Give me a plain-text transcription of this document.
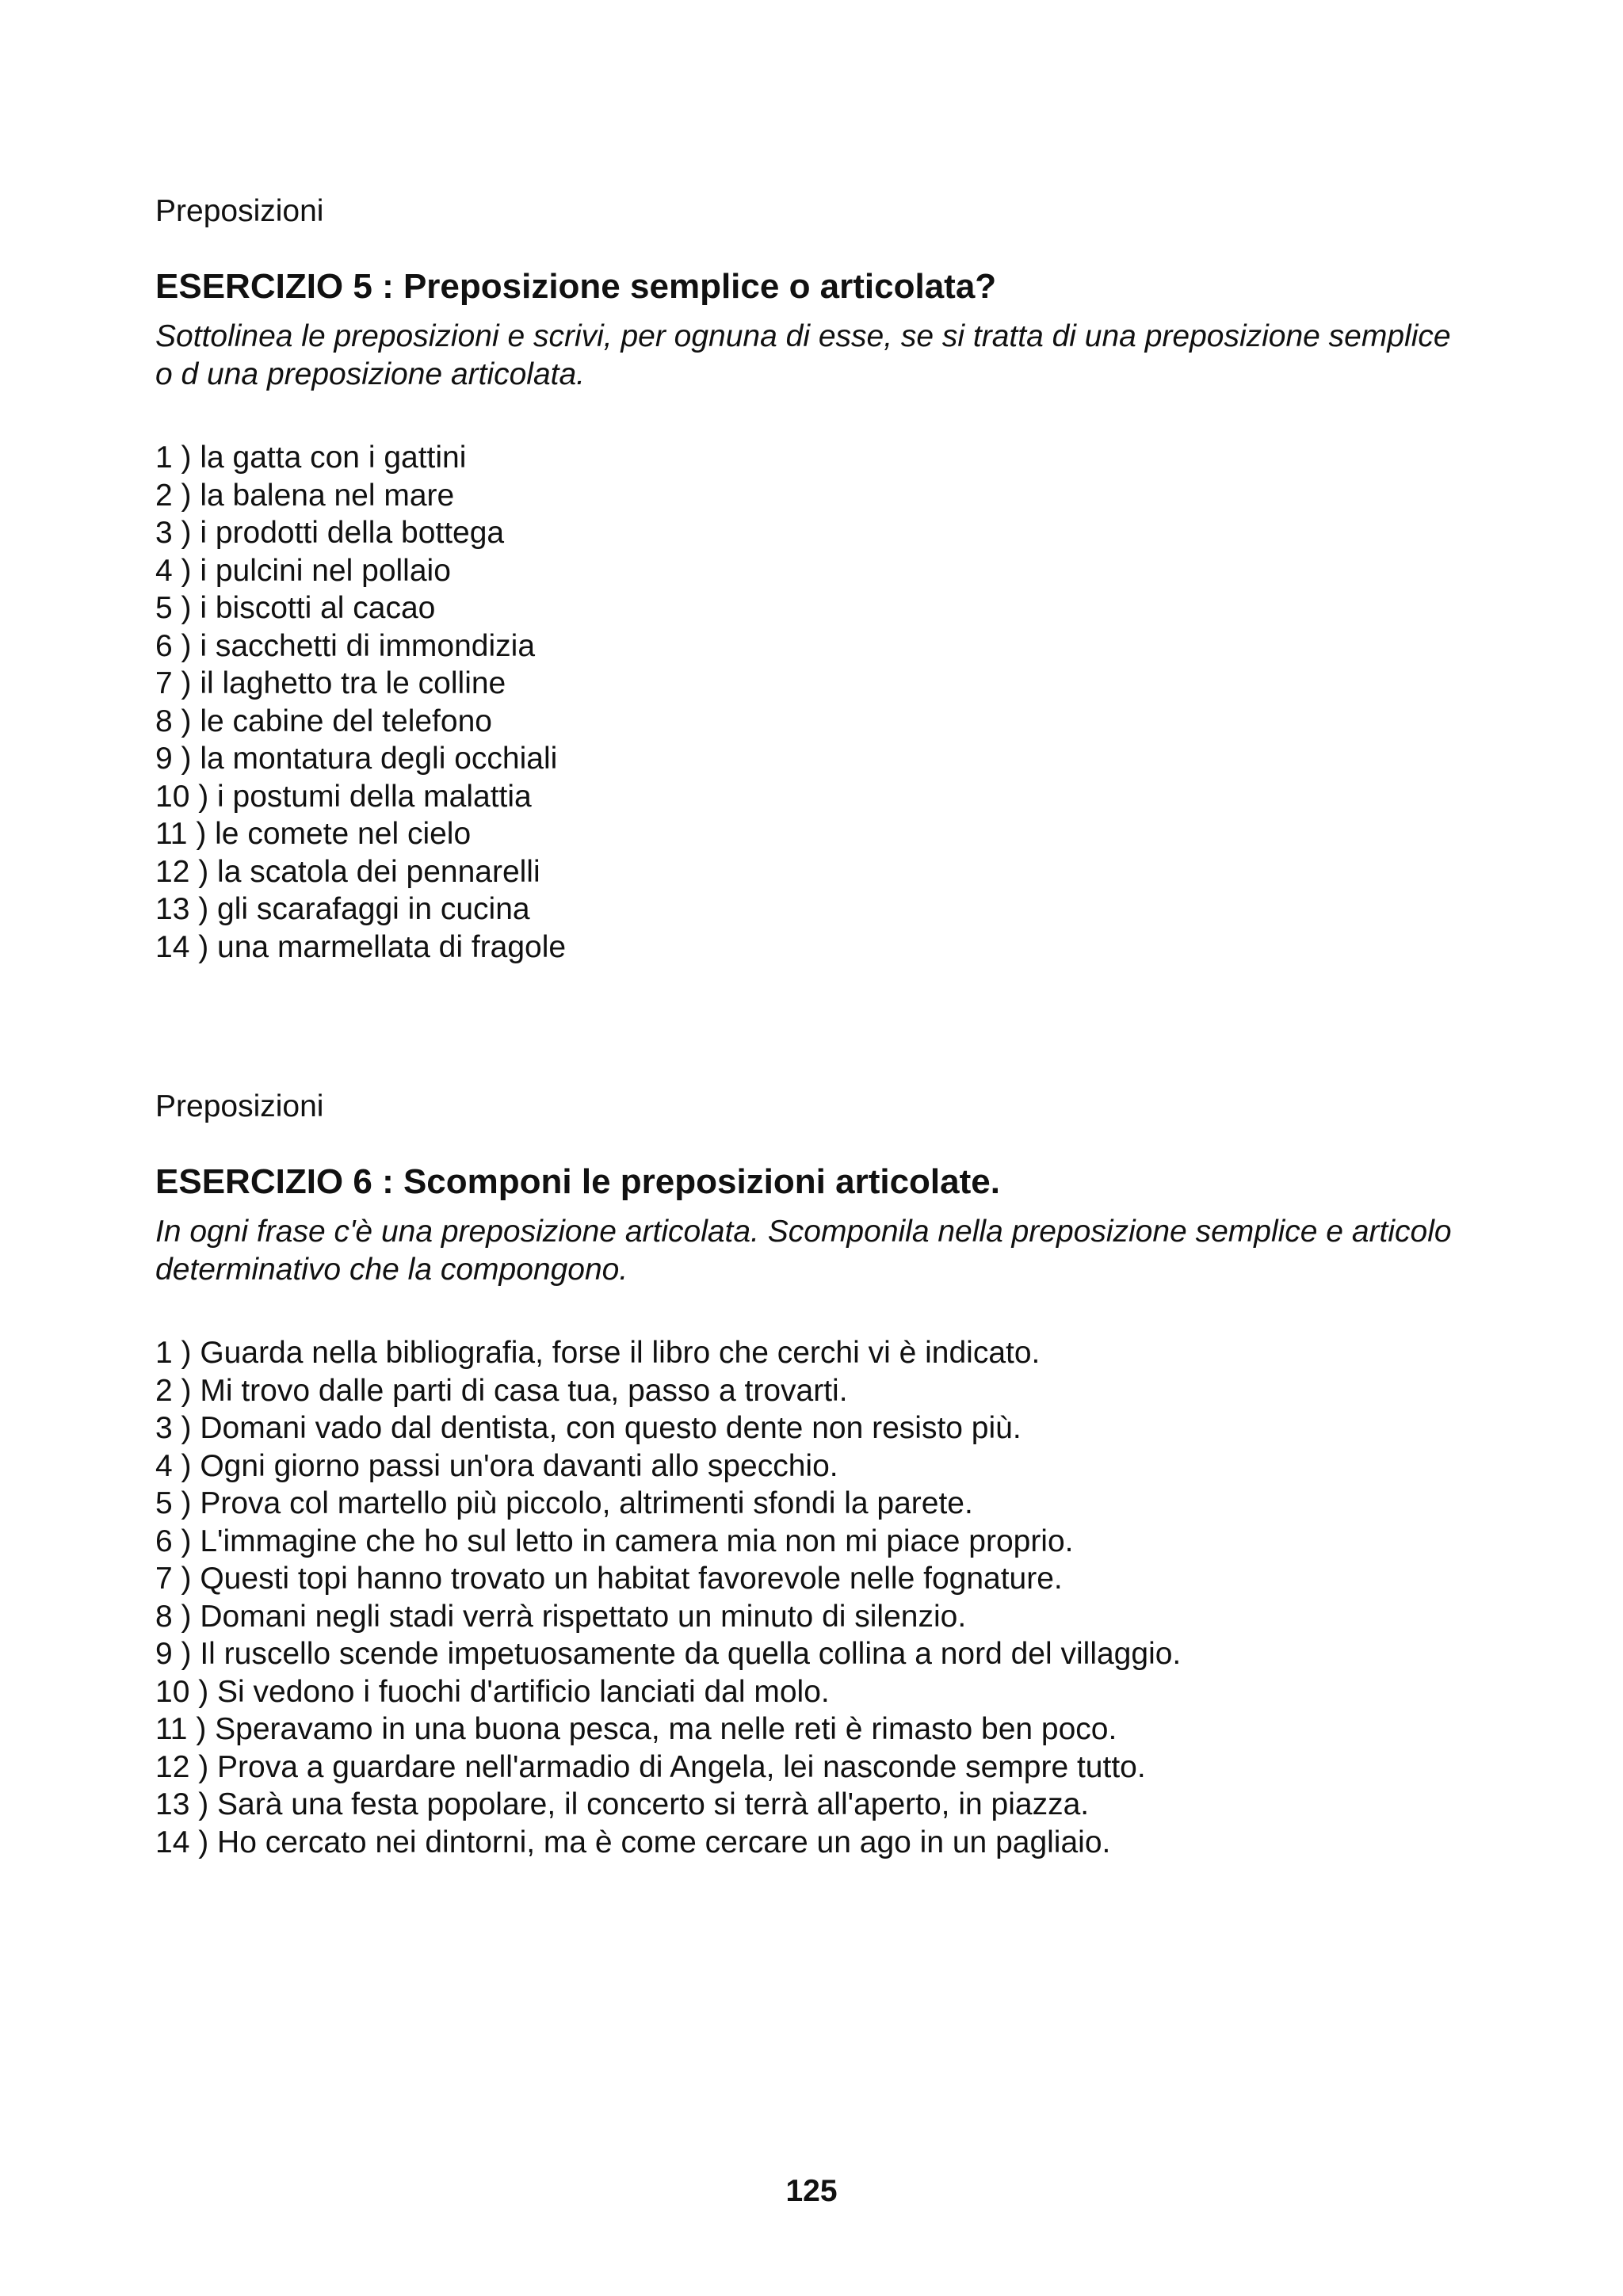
Preposizioni

ESERCIZIO 5 : Preposizione semplice o articolata?

Sottolinea le preposizioni e scrivi, per ognuna di esse, se si tratta di una preposizione semplice o d una preposizione articolata.

1 ) la gatta con i gattini
2 ) la balena nel mare
3 ) i prodotti della bottega
4 ) i pulcini nel pollaio
5 ) i biscotti al cacao
6 ) i sacchetti di immondizia
7 ) il laghetto tra le colline
8 ) le cabine del telefono
9 ) la montatura degli occhiali
10 ) i postumi della malattia
11 ) le comete nel cielo
12 ) la scatola dei pennarelli
13 ) gli scarafaggi in cucina
14 ) una marmellata di fragole

Preposizioni

ESERCIZIO 6 : Scomponi le preposizioni articolate.

In ogni frase c'è una preposizione articolata. Scomponila nella preposizione semplice e articolo determinativo che la compongono.

1 ) Guarda nella bibliografia, forse il libro che cerchi vi è indicato.
2 ) Mi trovo dalle parti di casa tua, passo a trovarti.
3 ) Domani vado dal dentista, con questo dente non resisto più.
4 ) Ogni giorno passi un'ora davanti allo specchio.
5 ) Prova col martello più piccolo, altrimenti sfondi la parete.
6 ) L'immagine che ho sul letto in camera mia non mi piace proprio.
7 ) Questi topi hanno trovato un habitat favorevole nelle fognature.
8 ) Domani negli stadi verrà rispettato un minuto di silenzio.
9 ) Il ruscello scende impetuosamente da quella collina a nord del villaggio.
10 ) Si vedono i fuochi d'artificio lanciati dal molo.
11 ) Speravamo in una buona pesca, ma nelle reti è rimasto ben poco.
12 ) Prova a guardare nell'armadio di Angela, lei nasconde sempre tutto.
13 ) Sarà una festa popolare, il concerto si terrà all'aperto, in piazza.
14 ) Ho cercato nei dintorni, ma è come cercare un ago in un pagliaio.
125
